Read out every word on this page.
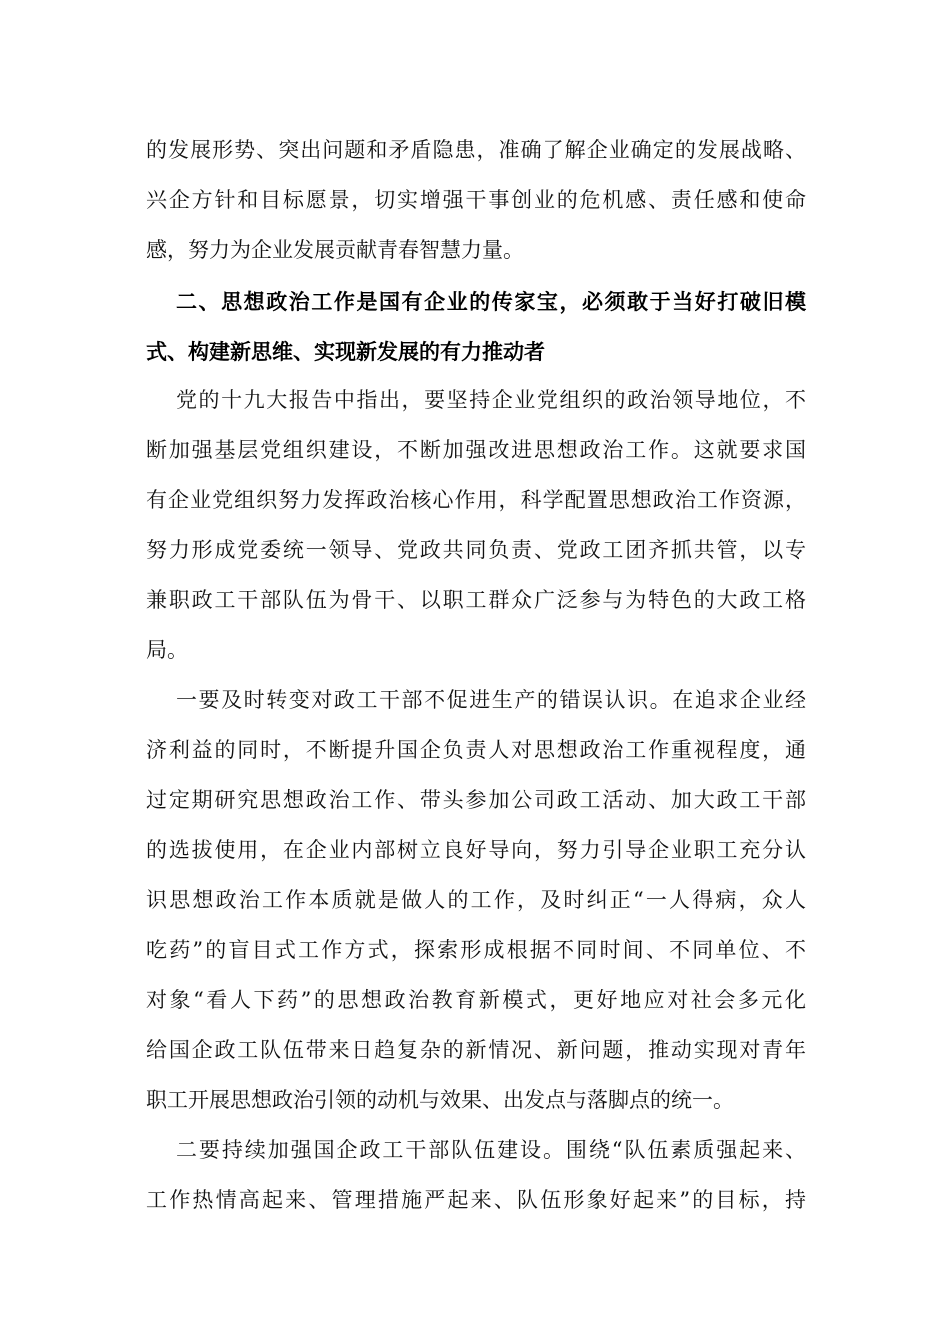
的发展形势、突出问题和矛盾隐患，准确了解企业确定的发展战略、
兴企方针和目标愿景，切实增强干事创业的危机感、责任感和使命
感，努力为企业发展贡献青春智慧力量。
二、思想政治工作是国有企业的传家宝，必须敢于当好打破旧模
式、构建新思维、实现新发展的有力推动者
党的十九大报告中指出，要坚持企业党组织的政治领导地位，不
断加强基层党组织建设，不断加强改进思想政治工作。这就要求国
有企业党组织努力发挥政治核心作用，科学配置思想政治工作资源，
努力形成党委统一领导、党政共同负责、党政工团齐抓共管，以专
兼职政工干部队伍为骨干、以职工群众广泛参与为特色的大政工格
局。
一要及时转变对政工干部不促进生产的错误认识。在追求企业经
济利益的同时，不断提升国企负责人对思想政治工作重视程度，通
过定期研究思想政治工作、带头参加公司政工活动、加大政工干部
的选拔使用，在企业内部树立良好导向，努力引导企业职工充分认
识思想政治工作本质就是做人的工作，及时纠正“一人得病，众人
吃药”的盲目式工作方式，探索形成根据不同时间、不同单位、不
对象“看人下药”的思想政治教育新模式，更好地应对社会多元化
给国企政工队伍带来日趋复杂的新情况、新问题，推动实现对青年
职工开展思想政治引领的动机与效果、出发点与落脚点的统一。
二要持续加强国企政工干部队伍建设。围绕“队伍素质强起来、
工作热情高起来、管理措施严起来、队伍形象好起来”的目标，持
